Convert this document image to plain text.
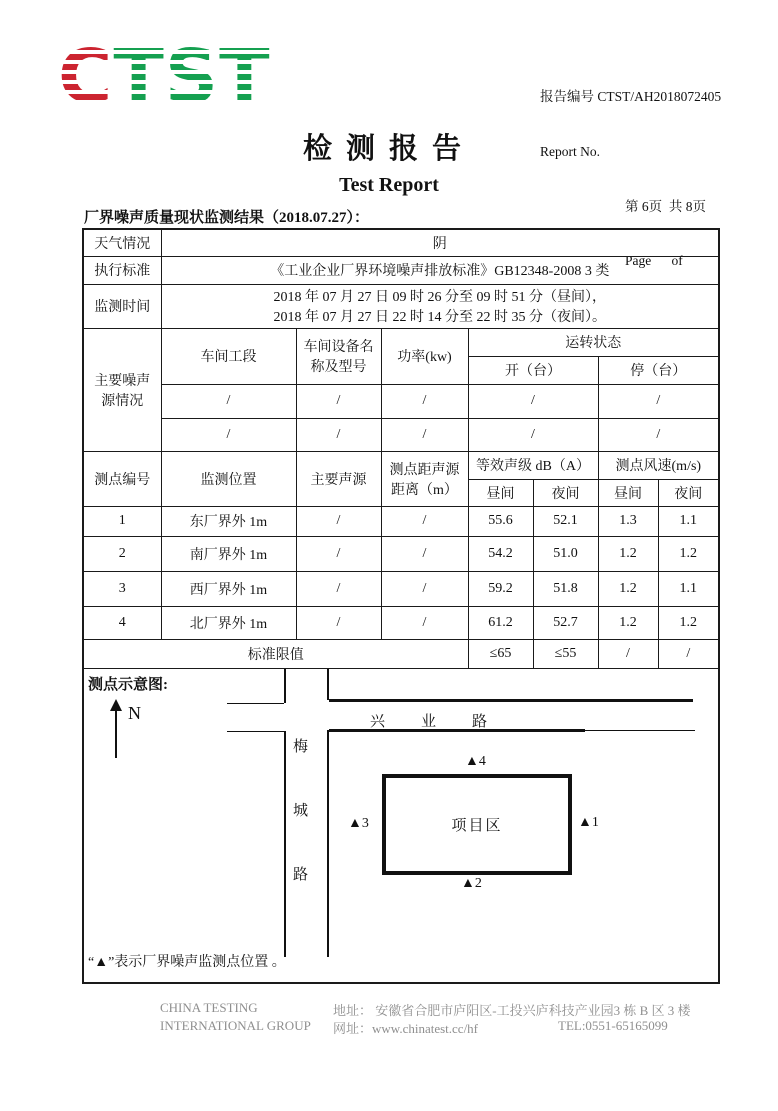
CTST

	报告编号 CTST/AH2018072405

Report No.

第 6页  共 8页

Page      of

检测报告
Test Report
厂界噪声质量现状监测结果（2018.07.27）：
天气情况	阴						
执行标准	《工业企业厂界环境噪声排放标准》GB12348-2008 3 类						
监测时间	2018 年 07 月 27 日 09 时 26 分至 09 时 51 分（昼间），
2018 年 07 月 27 日 22 时 14 分至 22 时 35 分（夜间）。						

主要噪声源情况	车间工段	车间设备名称及型号	功率(kw)	运转状态			
				开（台）		停（台）	
	/	/	/	/		/	
	/	/	/	/		/	
测点编号	监测位置	主要声源	测点距声源距离（m）	等效声级 dB（A）		测点风速(m/s)	
				昼间	夜间	昼间	夜间
1	东厂界外 1m	/	/	55.6	52.1	1.3	1.1
2	南厂界外 1m	/	/	54.2	51.0	1.2	1.2
3	西厂界外 1m	/	/	59.2	51.8	1.2	1.1
4	北厂界外 1m	/	/	61.2	52.7	1.2	1.2
标准限值				≤65	≤55	/	/

测点示意图:
N	兴业路
梅
城
路
项目区	▲1
▲2
▲3
▲4
“▲”表示厂界噪声监测点位置 。
CHINA TESTING
INTERNATIONAL GROUP
地址： 安徽省合肥市庐阳区-工投兴庐科技产业园3 栋 B 区 3 楼
网址：www.chinatest.cc/hf	TEL:0551-65165099
